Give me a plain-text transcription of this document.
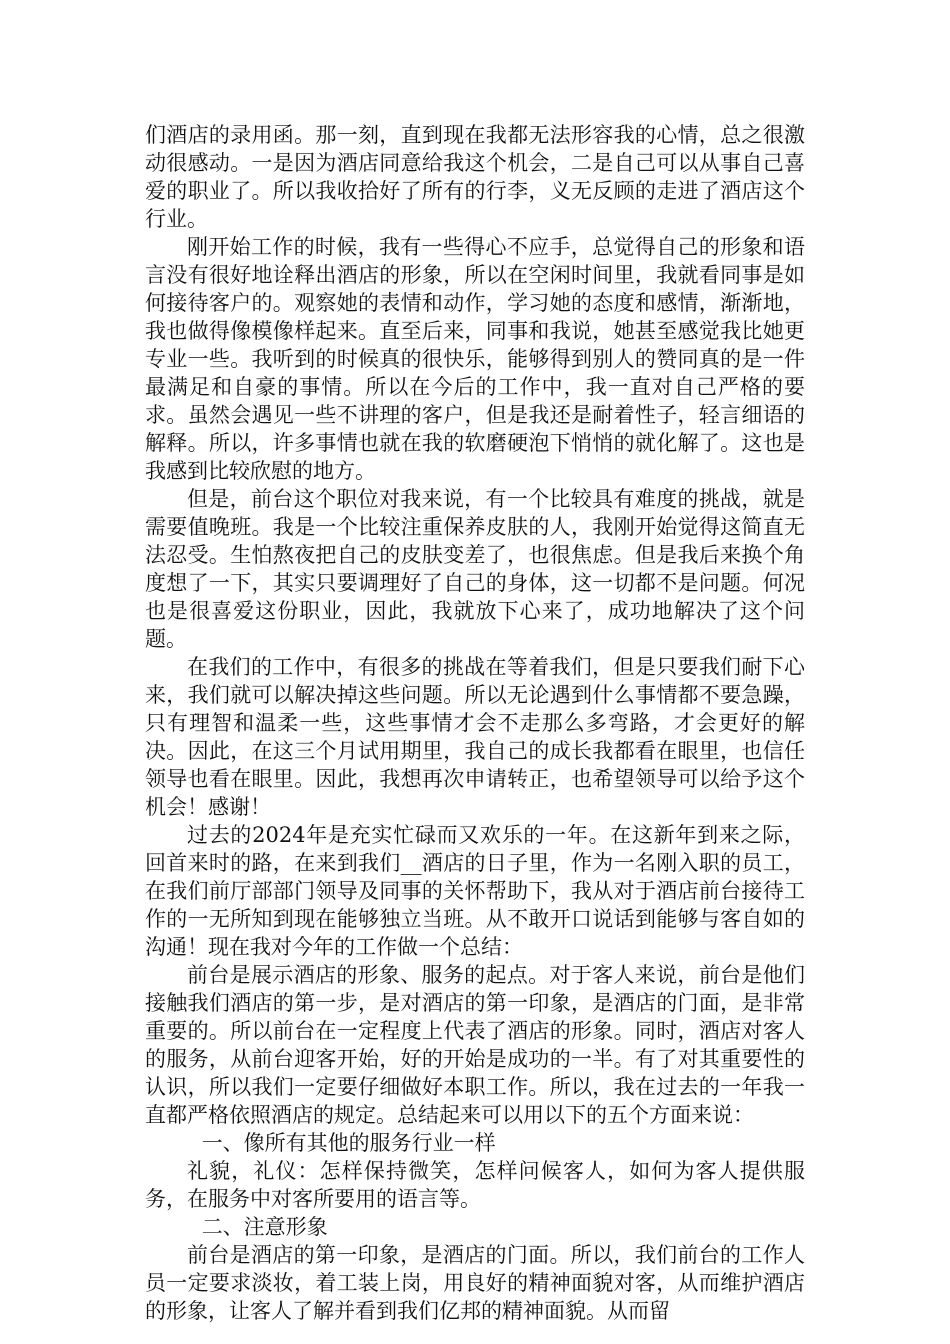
们酒店的录用函。那一刻，直到现在我都无法形容我的心情，总之很激动很感动。一是因为酒店同意给我这个机会，二是自己可以从事自己喜爱的职业了。所以我收拾好了所有的行李，义无反顾的走进了酒店这个行业。

刚开始工作的时候，我有一些得心不应手，总觉得自己的形象和语言没有很好地诠释出酒店的形象，所以在空闲时间里，我就看同事是如何接待客户的。观察她的表情和动作，学习她的态度和感情，渐渐地，我也做得像模像样起来。直至后来，同事和我说，她甚至感觉我比她更专业一些。我听到的时候真的很快乐，能够得到别人的赞同真的是一件最满足和自豪的事情。所以在今后的工作中，我一直对自己严格的要求。虽然会遇见一些不讲理的客户，但是我还是耐着性子，轻言细语的解释。所以，许多事情也就在我的软磨硬泡下悄悄的就化解了。这也是我感到比较欣慰的地方。

但是，前台这个职位对我来说，有一个比较具有难度的挑战，就是需要值晚班。我是一个比较注重保养皮肤的人，我刚开始觉得这简直无法忍受。生怕熬夜把自己的皮肤变差了，也很焦虑。但是我后来换个角度想了一下，其实只要调理好了自己的身体，这一切都不是问题。何况也是很喜爱这份职业，因此，我就放下心来了，成功地解决了这个问题。

在我们的工作中，有很多的挑战在等着我们，但是只要我们耐下心来，我们就可以解决掉这些问题。所以无论遇到什么事情都不要急躁，只有理智和温柔一些，这些事情才会不走那么多弯路，才会更好的解决。因此，在这三个月试用期里，我自己的成长我都看在眼里，也信任领导也看在眼里。因此，我想再次申请转正，也希望领导可以给予这个机会！感谢！

过去的2024年是充实忙碌而又欢乐的一年。在这新年到来之际，回首来时的路，在来到我们__酒店的日子里，作为一名刚入职的员工，在我们前厅部部门领导及同事的关怀帮助下，我从对于酒店前台接待工作的一无所知到现在能够独立当班。从不敢开口说话到能够与客自如的沟通！现在我对今年的工作做一个总结：

前台是展示酒店的形象、服务的起点。对于客人来说，前台是他们接触我们酒店的第一步，是对酒店的第一印象，是酒店的门面，是非常重要的。所以前台在一定程度上代表了酒店的形象。同时，酒店对客人的服务，从前台迎客开始，好的开始是成功的一半。有了对其重要性的认识，所以我们一定要仔细做好本职工作。所以，我在过去的一年我一直都严格依照酒店的规定。总结起来可以用以下的五个方面来说：

一、像所有其他的服务行业一样

礼貌，礼仪：怎样保持微笑，怎样问候客人，如何为客人提供服务，在服务中对客所要用的语言等。

二、注意形象

前台是酒店的第一印象，是酒店的门面。所以，我们前台的工作人员一定要求淡妆，着工装上岗，用良好的精神面貌对客，从而维护酒店的形象，让客人了解并看到我们亿邦的精神面貌。从而留
